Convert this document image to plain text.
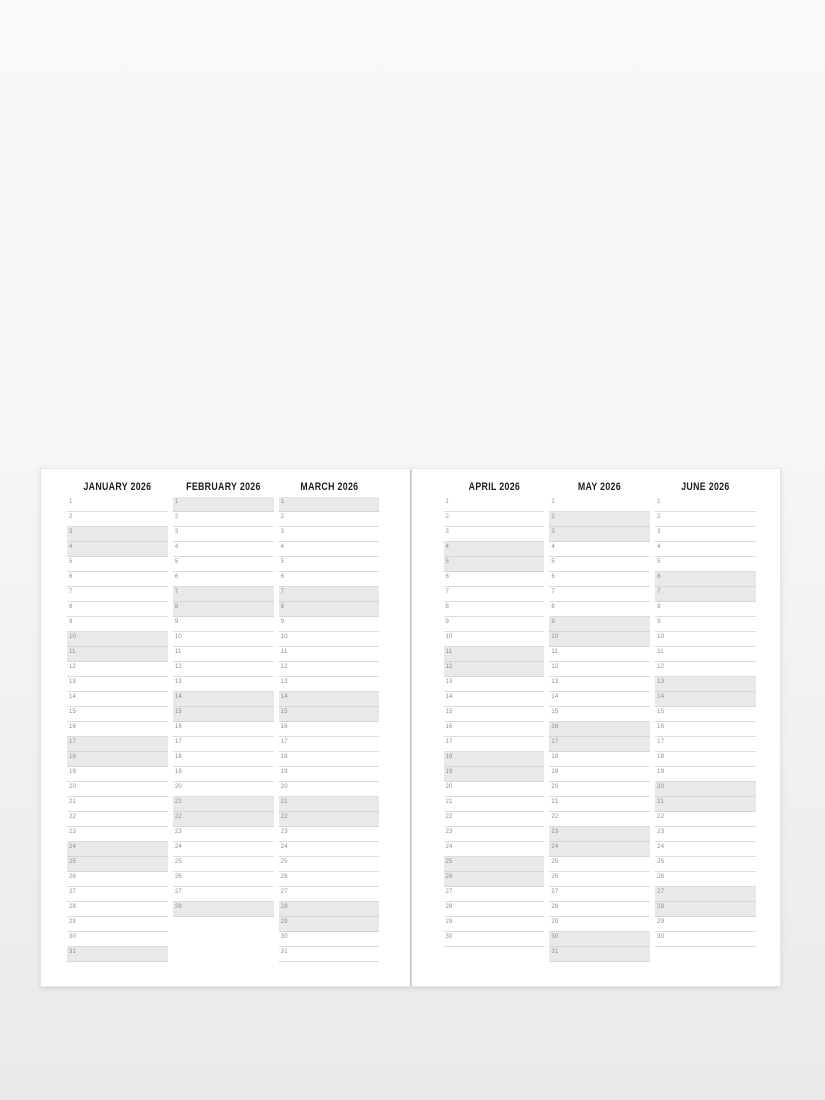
JANUARY 2026
1
2
3
4
5
6
7
8
9
10
11
12
13
14
15
16
17
18
19
20
21
22
23
24
25
26
27
28
29
30
31
FEBRUARY 2026
1
2
3
4
5
6
7
8
9
10
11
12
13
14
15
16
17
18
19
20
21
22
23
24
25
26
27
28
MARCH 2026
1
2
3
4
5
6
7
8
9
10
11
12
13
14
15
16
17
18
19
20
21
22
23
24
25
26
27
28
29
30
31
APRIL 2026
1
2
3
4
5
6
7
8
9
10
11
12
13
14
15
16
17
18
19
20
21
22
23
24
25
26
27
28
29
30
MAY 2026
1
2
3
4
5
6
7
8
9
10
11
12
13
14
15
16
17
18
19
20
21
22
23
24
25
26
27
28
29
30
31
JUNE 2026
1
2
3
4
5
6
7
8
9
10
11
12
13
14
15
16
17
18
19
20
21
22
23
24
25
26
27
28
29
30
